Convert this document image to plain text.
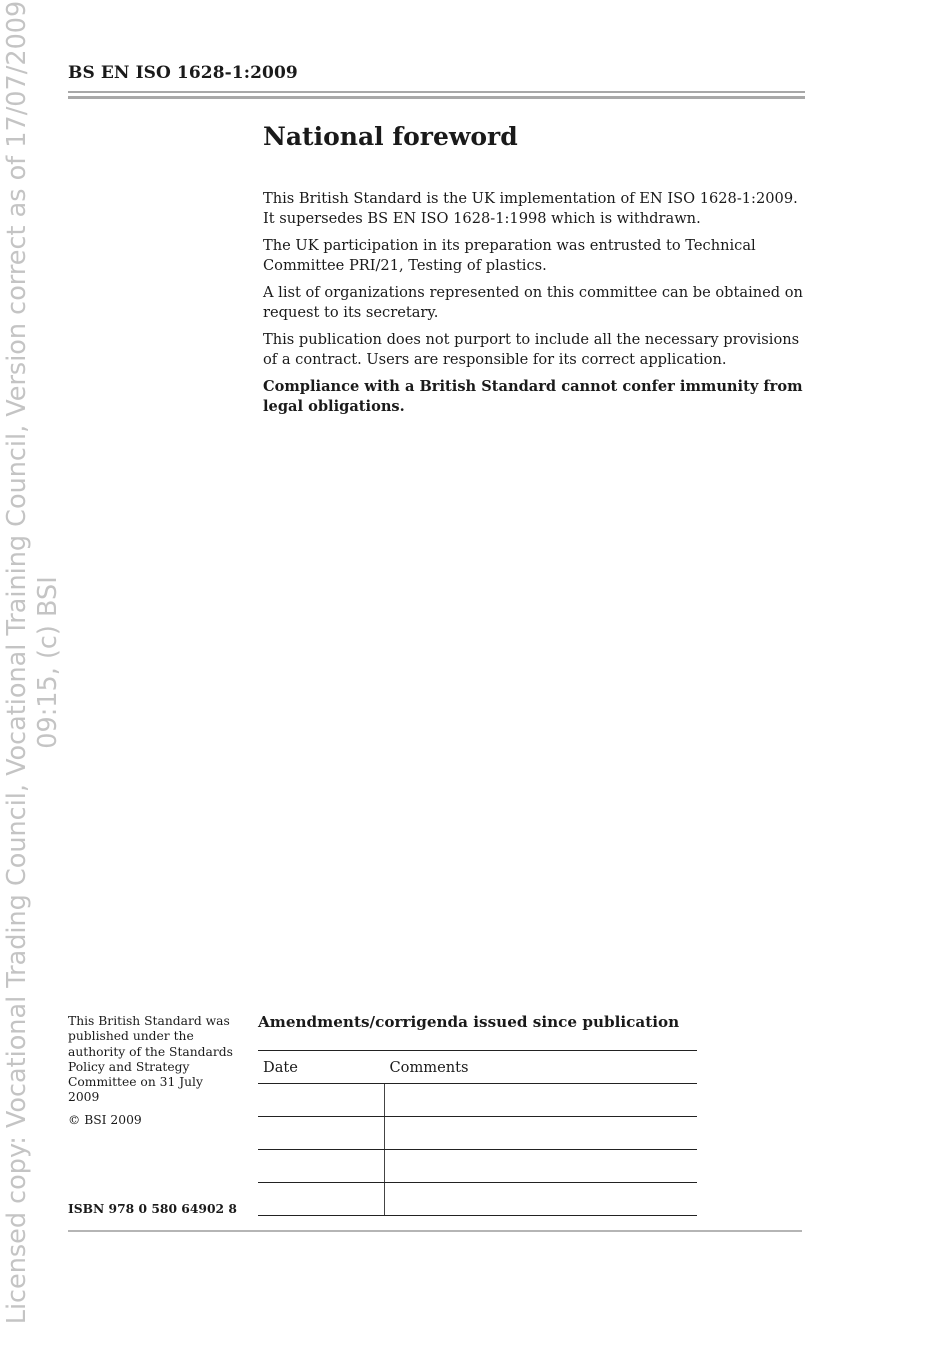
Licensed copy: Vocational Trading Council, Vocational Training Council, Version correct as of 17/07/2009 09:15, (c) BSI
BS EN ISO 1628-1:2009
National foreword

This British Standard is the UK implementation of EN ISO 1628-1:2009. It supersedes BS EN ISO 1628-1:1998 which is withdrawn.

The UK participation in its preparation was entrusted to Technical Committee PRI/21, Testing of plastics.

A list of organizations represented on this committee can be obtained on request to its secretary.

This publication does not purport to include all the necessary provisions of a contract. Users are responsible for its correct application.

Compliance with a British Standard cannot confer immunity from legal obligations.

This British Standard was published under the authority of the Standards Policy and Strategy Committee on 31 July 2009
© BSI 2009
ISBN 978 0 580 64902 8
Amendments/corrigenda issued since publication
Date	Comments
